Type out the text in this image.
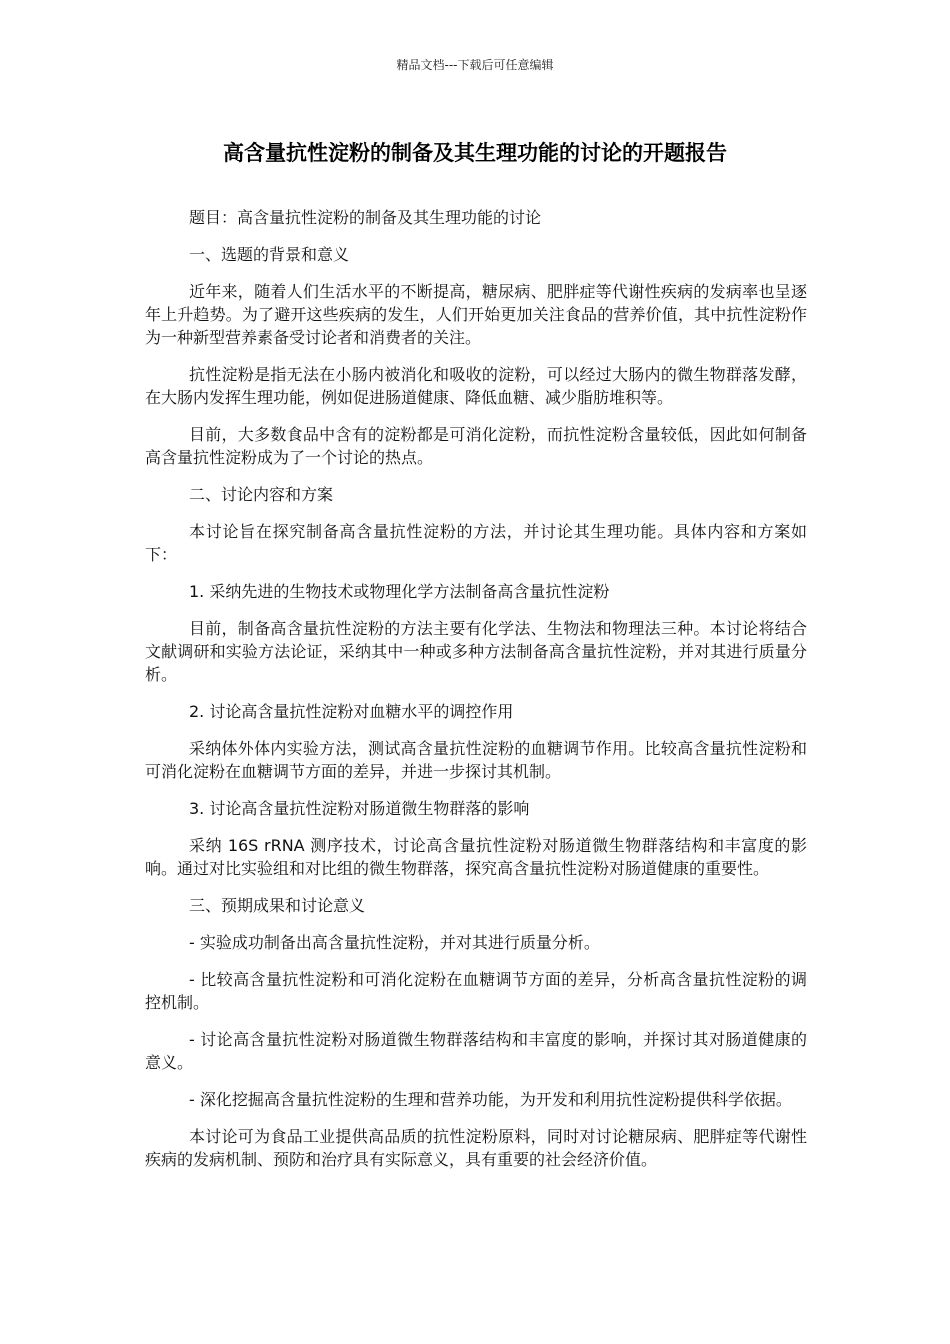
精品文档---下载后可任意编辑
高含量抗性淀粉的制备及其生理功能的讨论的开题报告

题目：高含量抗性淀粉的制备及其生理功能的讨论

一、选题的背景和意义

近年来，随着人们生活水平的不断提高，糖尿病、肥胖症等代谢性疾病的发病率也呈逐年上升趋势。为了避开这些疾病的发生，人们开始更加关注食品的营养价值，其中抗性淀粉作为一种新型营养素备受讨论者和消费者的关注。

抗性淀粉是指无法在小肠内被消化和吸收的淀粉，可以经过大肠内的微生物群落发酵，在大肠内发挥生理功能，例如促进肠道健康、降低血糖、减少脂肪堆积等。

目前，大多数食品中含有的淀粉都是可消化淀粉，而抗性淀粉含量较低，因此如何制备高含量抗性淀粉成为了一个讨论的热点。

二、讨论内容和方案

本讨论旨在探究制备高含量抗性淀粉的方法，并讨论其生理功能。具体内容和方案如下：

1. 采纳先进的生物技术或物理化学方法制备高含量抗性淀粉

目前，制备高含量抗性淀粉的方法主要有化学法、生物法和物理法三种。本讨论将结合文献调研和实验方法论证，采纳其中一种或多种方法制备高含量抗性淀粉，并对其进行质量分析。

2. 讨论高含量抗性淀粉对血糖水平的调控作用

采纳体外体内实验方法，测试高含量抗性淀粉的血糖调节作用。比较高含量抗性淀粉和可消化淀粉在血糖调节方面的差异，并进一步探讨其机制。

3. 讨论高含量抗性淀粉对肠道微生物群落的影响

采纳 16S rRNA 测序技术，讨论高含量抗性淀粉对肠道微生物群落结构和丰富度的影响。通过对比实验组和对比组的微生物群落，探究高含量抗性淀粉对肠道健康的重要性。

三、预期成果和讨论意义

- 实验成功制备出高含量抗性淀粉，并对其进行质量分析。

- 比较高含量抗性淀粉和可消化淀粉在血糖调节方面的差异，分析高含量抗性淀粉的调控机制。

- 讨论高含量抗性淀粉对肠道微生物群落结构和丰富度的影响，并探讨其对肠道健康的意义。

- 深化挖掘高含量抗性淀粉的生理和营养功能，为开发和利用抗性淀粉提供科学依据。

本讨论可为食品工业提供高品质的抗性淀粉原料，同时对讨论糖尿病、肥胖症等代谢性疾病的发病机制、预防和治疗具有实际意义，具有重要的社会经济价值。
